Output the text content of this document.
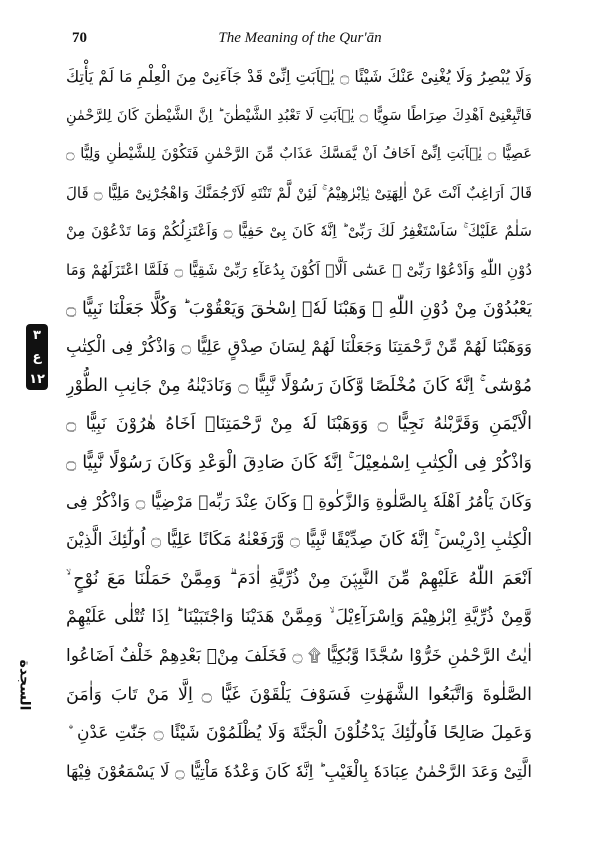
70	The Meaning of the Qur'ān
٣
ع
١٢
السجدة
وَلَا يُبْصِرُ وَلَا يُغْنِىْ عَنْكَ شَيْئًا ۝ يٰۤاَبَتِ اِنِّىْ قَدْ جَآءَنِىْ مِنَ الْعِلْمِ مَا لَمْ يَأْتِكَ
فَاتَّبِعْنِىْٓ اَهْدِكَ صِرَاطًا سَوِيًّا ۝ يٰۤاَبَتِ لَا تَعْبُدِ الشَّيْطٰنَ ؕ اِنَّ الشَّيْطٰنَ كَانَ لِلرَّحْمٰنِ
عَصِيًّا ۝ يٰۤاَبَتِ اِنِّىْٓ اَخَافُ اَنْ يَّمَسَّكَ عَذَابٌ مِّنَ الرَّحْمٰنِ فَتَكُوْنَ لِلشَّيْطٰنِ وَلِيًّا ۝
قَالَ اَرَاغِبٌ اَنْتَ عَنْ اٰلِهَتِىْ يٰۤاِبْرٰهِيْمُ ۚ لَئِنْ لَّمْ تَنْتَهِ لَاَرْجُمَنَّكَ وَاهْجُرْنِىْ مَلِيًّا ۝ قَالَ
سَلٰمٌ عَلَيْكَ ۚ سَاَسْتَغْفِرُ لَكَ رَبِّىْ ؕ اِنَّهٗ كَانَ بِىْ حَفِيًّا ۝ وَاَعْتَزِلُكُمْ وَمَا تَدْعُوْنَ مِنْ
دُوْنِ اللّٰهِ وَاَدْعُوْا رَبِّىْ ۖ عَسٰٓى اَلَّاۤ اَكُوْنَ بِدُعَآءِ رَبِّىْ شَقِيًّا ۝ فَلَمَّا اعْتَزَلَهُمْ وَمَا
يَعْبُدُوْنَ مِنْ دُوْنِ اللّٰهِ ۙ وَهَبْنَا لَهٗۤ اِسْحٰقَ وَيَعْقُوْبَ ؕ وَكُلًّا جَعَلْنَا نَبِيًّا ۝
وَوَهَبْنَا لَهُمْ مِّنْ رَّحْمَتِنَا وَجَعَلْنَا لَهُمْ لِسَانَ صِدْقٍ عَلِيًّا ۝ وَاذْكُرْ فِى الْكِتٰبِ
مُوْسٰٓى ۚ اِنَّهٗ كَانَ مُخْلَصًا وَّكَانَ رَسُوْلًا نَّبِيًّا ۝ وَنَادَيْنٰهُ مِنْ جَانِبِ الطُّوْرِ
الْاَيْمَنِ وَقَرَّبْنٰهُ نَجِيًّا ۝ وَوَهَبْنَا لَهٗ مِنْ رَّحْمَتِنَاۤ اَخَاهُ هٰرُوْنَ نَبِيًّا ۝
وَاذْكُرْ فِى الْكِتٰبِ اِسْمٰعِيْلَ ۚ اِنَّهٗ كَانَ صَادِقَ الْوَعْدِ وَكَانَ رَسُوْلًا نَّبِيًّا ۝
وَكَانَ يَاْمُرُ اَهْلَهٗ بِالصَّلٰوةِ وَالزَّكٰوةِ ۪ وَكَانَ عِنْدَ رَبِّهٖ مَرْضِيًّا ۝ وَاذْكُرْ فِى
الْكِتٰبِ اِدْرِيْسَ ۚ اِنَّهٗ كَانَ صِدِّيْقًا نَّبِيًّا ۝ وَّرَفَعْنٰهُ مَكَانًا عَلِيًّا ۝ اُولٰٓئِكَ الَّذِيْنَ
اَنْعَمَ اللّٰهُ عَلَيْهِمْ مِّنَ النَّبِيّٖنَ مِنْ ذُرِّيَّةِ اٰدَمَ ۗ وَمِمَّنْ حَمَلْنَا مَعَ نُوْحٍ ۙ
وَّمِنْ ذُرِّيَّةِ اِبْرٰهِيْمَ وَاِسْرَآءِيْلَ ۙ وَمِمَّنْ هَدَيْنَا وَاجْتَبَيْنَا ؕ اِذَا تُتْلٰى عَلَيْهِمْ
اٰيٰتُ الرَّحْمٰنِ خَرُّوْا سُجَّدًا وَّبُكِيًّا ۩ ۝ فَخَلَفَ مِنْۢ بَعْدِهِمْ خَلْفٌ اَضَاعُوا
الصَّلٰوةَ وَاتَّبَعُوا الشَّهَوٰتِ فَسَوْفَ يَلْقَوْنَ غَيًّا ۝ اِلَّا مَنْ تَابَ وَاٰمَنَ
وَعَمِلَ صَالِحًا فَاُولٰٓئِكَ يَدْخُلُوْنَ الْجَنَّةَ وَلَا يُظْلَمُوْنَ شَيْئًا ۝ جَنّٰتِ عَدْنِ ۨ
الَّتِىْ وَعَدَ الرَّحْمٰنُ عِبَادَهٗ بِالْغَيْبِ ؕ اِنَّهٗ كَانَ وَعْدُهٗ مَاْتِيًّا ۝ لَا يَسْمَعُوْنَ فِيْهَا
